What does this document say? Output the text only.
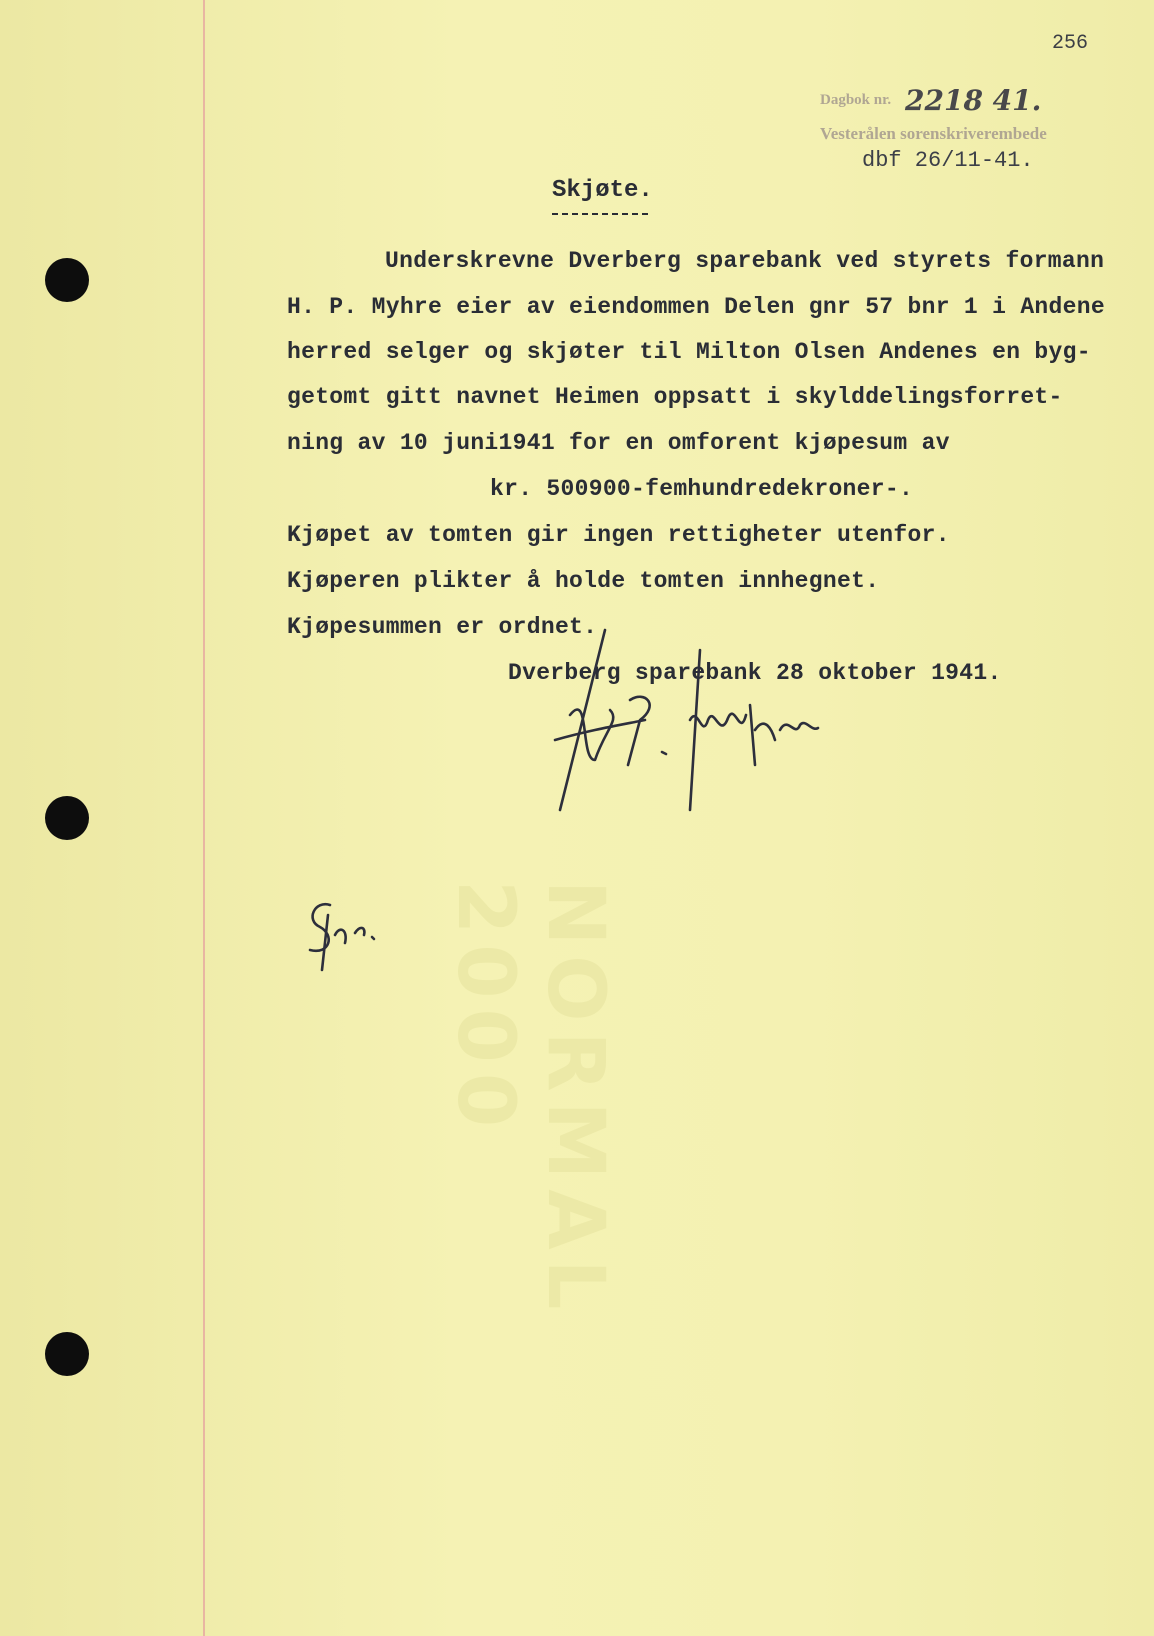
NORMAL 2000
256
Dagbok nr. 2218 41.
Vesterålen sorenskriverembede
dbf 26/11-41.
Skjøte.
Underskrevne Dverberg sparebank ved styrets formann
H. P. Myhre eier av eiendommen Delen gnr 57 bnr 1 i Andene
herred selger og skjøter til Milton Olsen Andenes en byg-
getomt gitt navnet Heimen oppsatt i skylddelingsforret-
ning av 10 juni1941 for en omforent kjøpesum av
kr. 500900-femhundredekroner-.
Kjøpet av tomten gir ingen rettigheter utenfor.
Kjøperen plikter å holde tomten innhegnet.
Kjøpesummen er ordnet.
Dverberg sparebank 28 oktober 1941.
